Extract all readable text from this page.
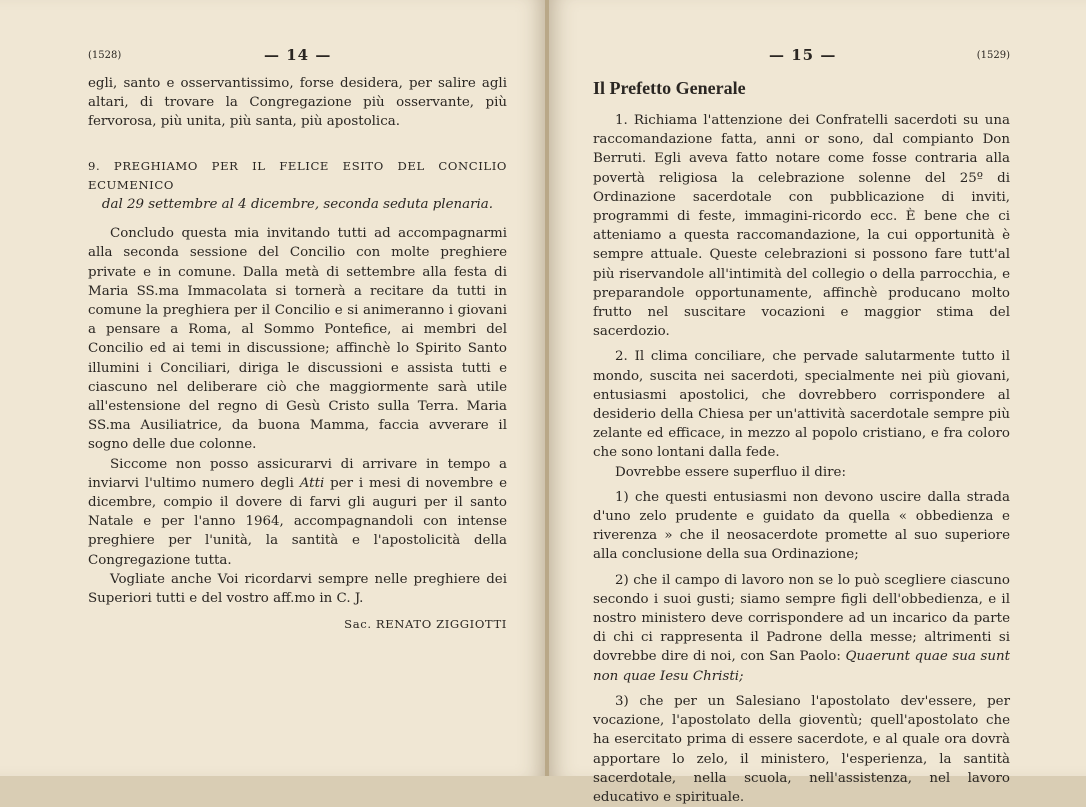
(1528)	— 14 —

egli, santo e osservantissimo, forse desidera, per salire agli altari, di trovare la Congregazione più osservante, più fervorosa, più unita, più santa, più apostolica.

9. PREGHIAMO PER IL FELICE ESITO DEL CONCILIO ECUMENICO

dal 29 settembre al 4 dicembre, seconda seduta plenaria.

Concludo questa mia invitando tutti ad accompagnarmi alla seconda sessione del Concilio con molte preghiere private e in comune. Dalla metà di settembre alla festa di Maria SS.ma Immacolata si tornerà a recitare da tutti in comune la preghiera per il Concilio e si animeranno i giovani a pensare a Roma, al Sommo Pontefice, ai membri del Concilio ed ai temi in discussione; affinchè lo Spirito Santo illumini i Conciliari, diriga le discussioni e assista tutti e ciascuno nel deliberare ciò che maggiormente sarà utile all'estensione del regno di Gesù Cristo sulla Terra. Maria SS.ma Ausiliatrice, da buona Mamma, faccia avverare il sogno delle due colonne.

Siccome non posso assicurarvi di arrivare in tempo a inviarvi l'ultimo numero degli Atti per i mesi di novembre e dicembre, compio il dovere di farvi gli auguri per il santo Natale e per l'anno 1964, accompagnandoli con intense preghiere per l'unità, la santità e l'apostolicità della Congregazione tutta.

Vogliate anche Voi ricordarvi sempre nelle preghiere dei Superiori tutti e del vostro aff.mo in C. J.

Sac. RENATO ZIGGIOTTI

— 15 —	(1529)
Il Prefetto Generale

1. Richiama l'attenzione dei Confratelli sacerdoti su una raccomandazione fatta, anni or sono, dal compianto Don Berruti. Egli aveva fatto notare come fosse contraria alla povertà religiosa la celebrazione solenne del 25º di Ordinazione sacerdotale con pubblicazione di inviti, programmi di feste, immagini-ricordo ecc. È bene che ci atteniamo a questa raccomandazione, la cui opportunità è sempre attuale. Queste celebrazioni si possono fare tutt'al più riservandole all'intimità del collegio o della parrocchia, e preparandole opportunamente, affinchè producano molto frutto nel suscitare vocazioni e maggior stima del sacerdozio.

2. Il clima conciliare, che pervade salutarmente tutto il mondo, suscita nei sacerdoti, specialmente nei più giovani, entusiasmi apostolici, che dovrebbero corrispondere al desiderio della Chiesa per un'attività sacerdotale sempre più zelante ed efficace, in mezzo al popolo cristiano, e fra coloro che sono lontani dalla fede.

Dovrebbe essere superfluo il dire:

1) che questi entusiasmi non devono uscire dalla strada d'uno zelo prudente e guidato da quella « obbedienza e riverenza » che il neosacerdote promette al suo superiore alla conclusione della sua Ordinazione;

2) che il campo di lavoro non se lo può scegliere ciascuno secondo i suoi gusti; siamo sempre figli dell'obbedienza, e il nostro ministero deve corrispondere ad un incarico da parte di chi ci rappresenta il Padrone della messe; altrimenti si dovrebbe dire di noi, con San Paolo: Quaerunt quae sua sunt non quae Iesu Christi;

3) che per un Salesiano l'apostolato dev'essere, per vocazione, l'apostolato della gioventù; quell'apostolato che ha esercitato prima di essere sacerdote, e al quale ora dovrà apportare lo zelo, il ministero, l'esperienza, la santità sacerdotale, nella scuola, nell'assistenza, nel lavoro educativo e spirituale.
